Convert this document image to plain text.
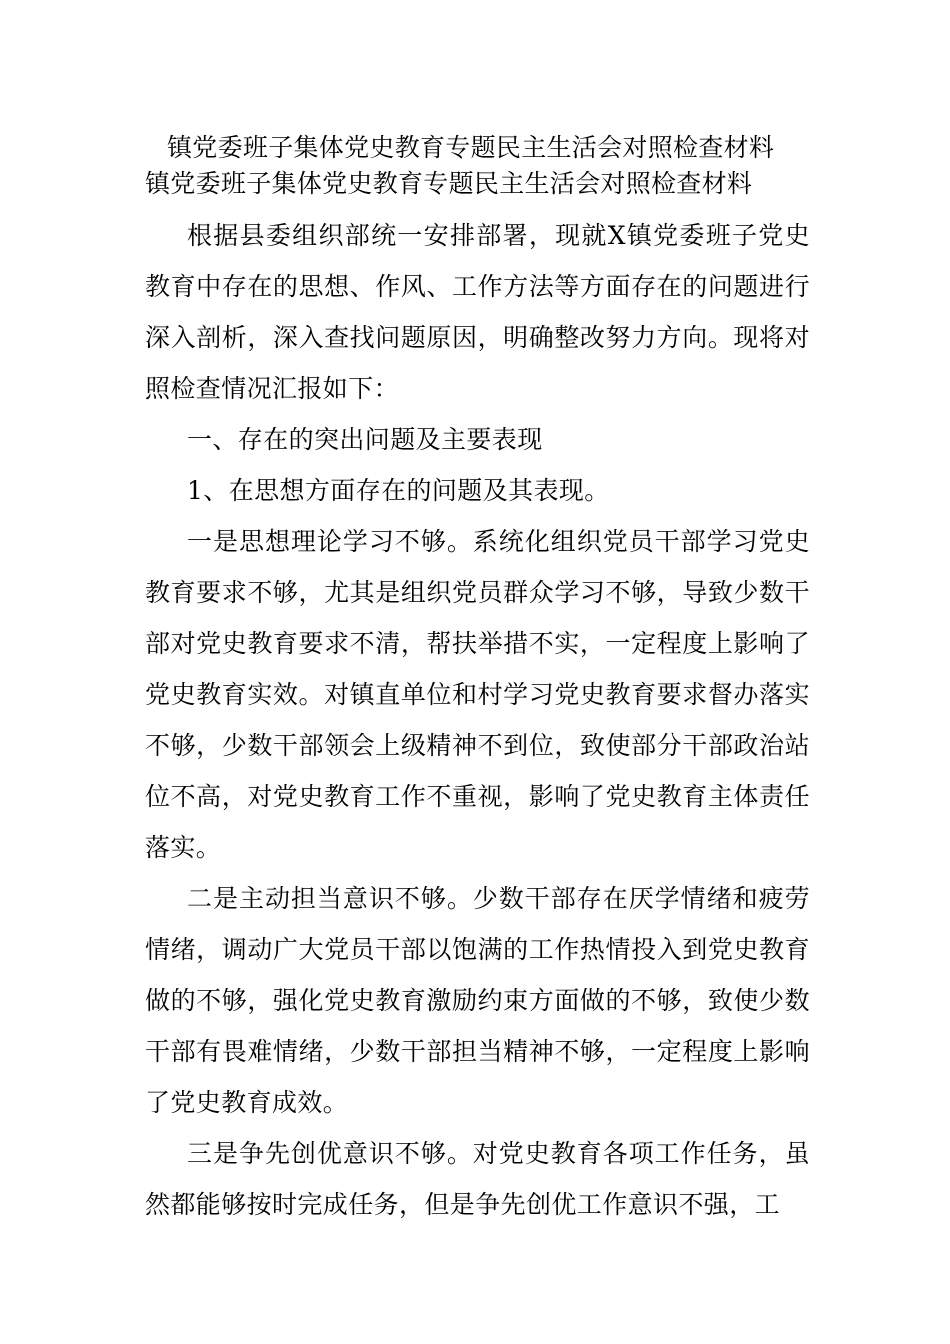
镇党委班子集体党史教育专题民主生活会对照检查材料
镇党委班子集体党史教育专题民主生活会对照检查材料

根据县委组织部统一安排部署，现就X镇党委班子党史教育中存在的思想、作风、工作方法等方面存在的问题进行深入剖析，深入查找问题原因，明确整改努力方向。现将对照检查情况汇报如下：

一、存在的突出问题及主要表现

1、在思想方面存在的问题及其表现。

一是思想理论学习不够。系统化组织党员干部学习党史教育要求不够，尤其是组织党员群众学习不够，导致少数干部对党史教育要求不清，帮扶举措不实，一定程度上影响了党史教育实效。对镇直单位和村学习党史教育要求督办落实不够，少数干部领会上级精神不到位，致使部分干部政治站位不高，对党史教育工作不重视，影响了党史教育主体责任落实。

二是主动担当意识不够。少数干部存在厌学情绪和疲劳情绪，调动广大党员干部以饱满的工作热情投入到党史教育做的不够，强化党史教育激励约束方面做的不够，致使少数干部有畏难情绪，少数干部担当精神不够，一定程度上影响了党史教育成效。

三是争先创优意识不够。对党史教育各项工作任务，虽然都能够按时完成任务，但是争先创优工作意识不强，工
